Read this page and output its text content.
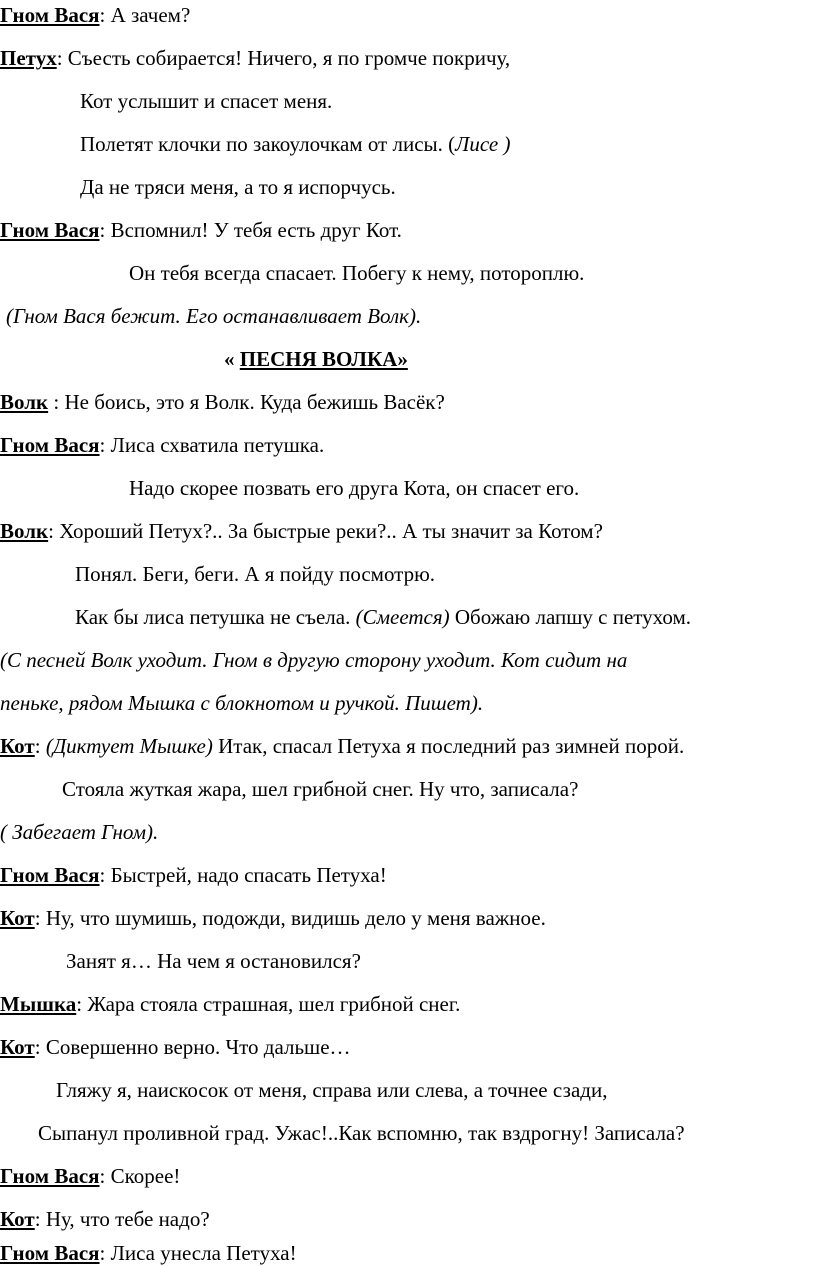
Гном Вася: А зачем?
Петух: Съесть собирается! Ничего, я по громче покричу,
Кот услышит и спасет меня.
Полетят клочки по закоулочкам от лисы. (Лисе )
Да не тряси меня, а то я испорчусь.
Гном Вася: Вспомнил! У тебя есть друг Кот.
Он тебя всегда спасает. Побегу к нему, потороплю.
(Гном Вася бежит. Его останавливает Волк).
« ПЕСНЯ ВОЛКА»
Волк : Не боись, это я Волк. Куда бежишь Васёк?
Гном Вася: Лиса схватила петушка.
Надо скорее позвать его друга Кота, он спасет его.
Волк: Хороший Петух?.. За быстрые реки?.. А ты значит за Котом?
Понял. Беги, беги. А я пойду посмотрю.
Как бы лиса петушка не съела. (Смеется) Обожаю лапшу с петухом.
(С песней Волк уходит. Гном в другую сторону уходит. Кот сидит на
пеньке, рядом Мышка с блокнотом и ручкой. Пишет).
Кот: (Диктует Мышке) Итак, спасал Петуха я последний раз зимней порой.
Стояла жуткая жара, шел грибной снег. Ну что, записала?
( Забегает Гном).
Гном Вася: Быстрей, надо спасать Петуха!
Кот: Ну, что шумишь, подожди, видишь дело у меня важное.
Занят я… На чем я остановился?
Мышка: Жара стояла страшная, шел грибной снег.
Кот: Совершенно верно. Что дальше…
Гляжу я, наискосок от меня, справа или слева, а точнее сзади,
Сыпанул проливной град. Ужас!..Как вспомню, так вздрогну! Записала?
Гном Вася: Скорее!
Кот: Ну, что тебе надо?
Гном Вася: Лиса унесла Петуха!
